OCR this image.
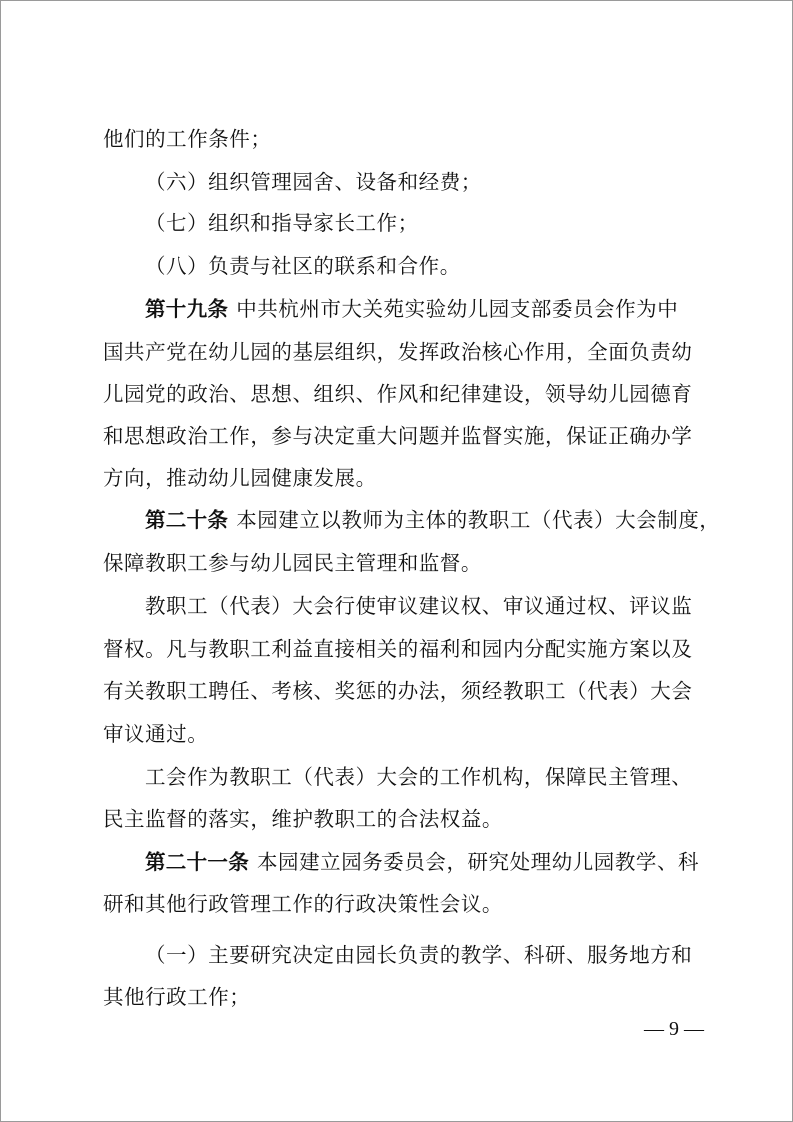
他们的工作条件；
（六）组织管理园舍、设备和经费；
（七）组织和指导家长工作；
（八）负责与社区的联系和合作。
第十九条 中共杭州市大关苑实验幼儿园支部委员会作为中
国共产党在幼儿园的基层组织，发挥政治核心作用，全面负责幼
儿园党的政治、思想、组织、作风和纪律建设，领导幼儿园德育
和思想政治工作，参与决定重大问题并监督实施，保证正确办学
方向，推动幼儿园健康发展。
第二十条 本园建立以教师为主体的教职工（代表）大会制度，
保障教职工参与幼儿园民主管理和监督。
教职工（代表）大会行使审议建议权、审议通过权、评议监
督权。凡与教职工利益直接相关的福利和园内分配实施方案以及
有关教职工聘任、考核、奖惩的办法，须经教职工（代表）大会
审议通过。
工会作为教职工（代表）大会的工作机构，保障民主管理、
民主监督的落实，维护教职工的合法权益。
第二十一条 本园建立园务委员会，研究处理幼儿园教学、科
研和其他行政管理工作的行政决策性会议。
（一）主要研究决定由园长负责的教学、科研、服务地方和
其他行政工作；
— 9 —
